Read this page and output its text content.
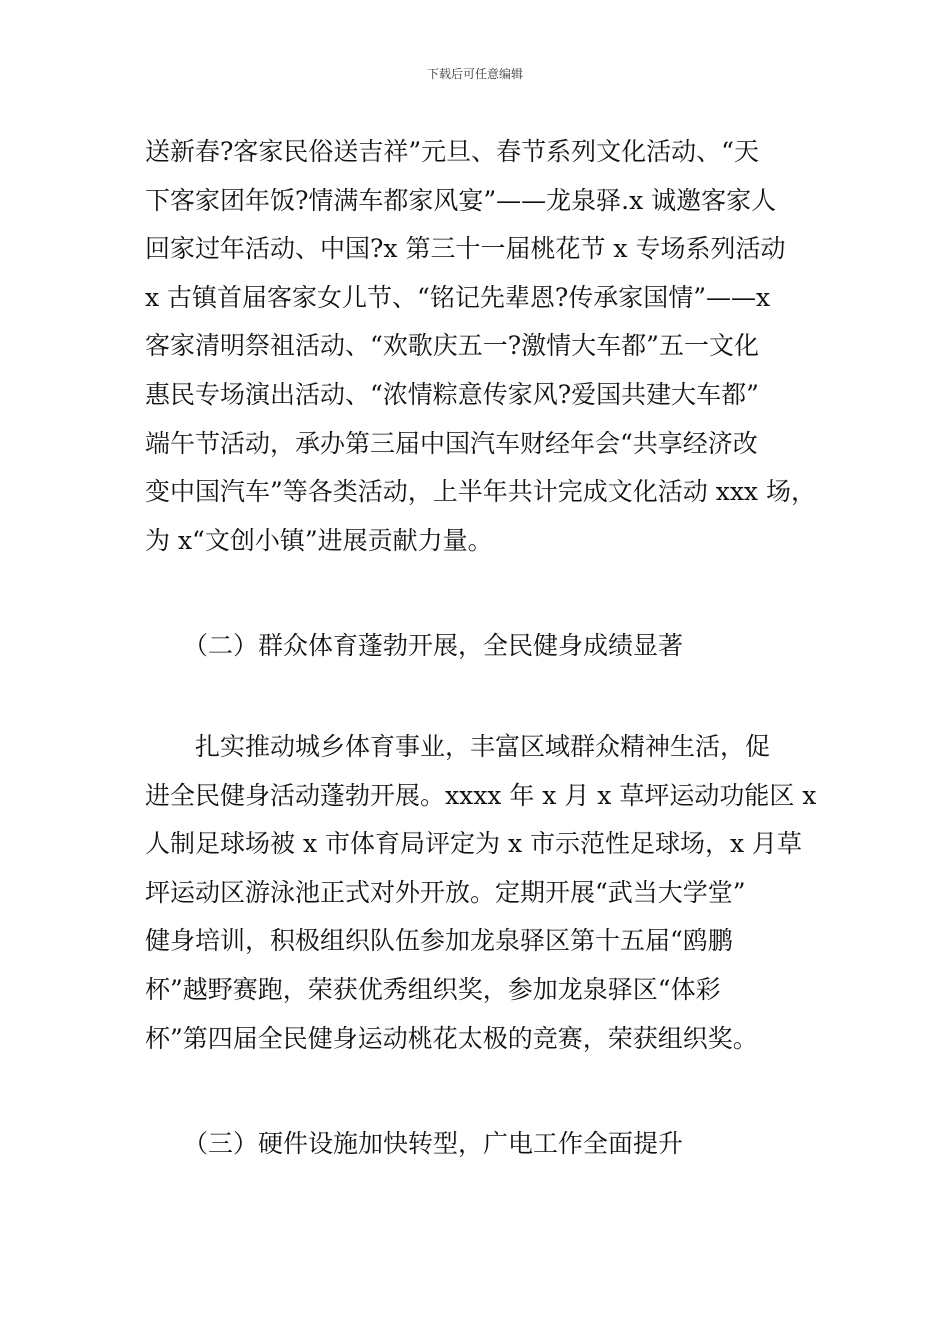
下载后可任意编辑
送新春?客家民俗送吉祥”元旦、春节系列文化活动、“天
下客家团年饭?情满车都家风宴”——龙泉驿.x 诚邀客家人
回家过年活动、中国?x 第三十一届桃花节 x 专场系列活动
x 古镇首届客家女儿节、“铭记先辈恩?传承家国情”——x
客家清明祭祖活动、“欢歌庆五一?激情大车都”五一文化
惠民专场演出活动、“浓情粽意传家风?爱国共建大车都”
端午节活动，承办第三届中国汽车财经年会“共享经济改
变中国汽车”等各类活动，上半年共计完成文化活动 xxx 场，
为 x“文创小镇”进展贡献力量。
（二）群众体育蓬勃开展，全民健身成绩显著
　　扎实推动城乡体育事业，丰富区域群众精神生活，促
进全民健身活动蓬勃开展。xxxx 年 x 月 x 草坪运动功能区 x
人制足球场被 x 市体育局评定为 x 市示范性足球场，x 月草
坪运动区游泳池正式对外开放。定期开展“武当大学堂”
健身培训，积极组织队伍参加龙泉驿区第十五届“鸥鹏
杯”越野赛跑，荣获优秀组织奖，参加龙泉驿区“体彩
杯”第四届全民健身运动桃花太极的竞赛，荣获组织奖。
（三）硬件设施加快转型，广电工作全面提升
